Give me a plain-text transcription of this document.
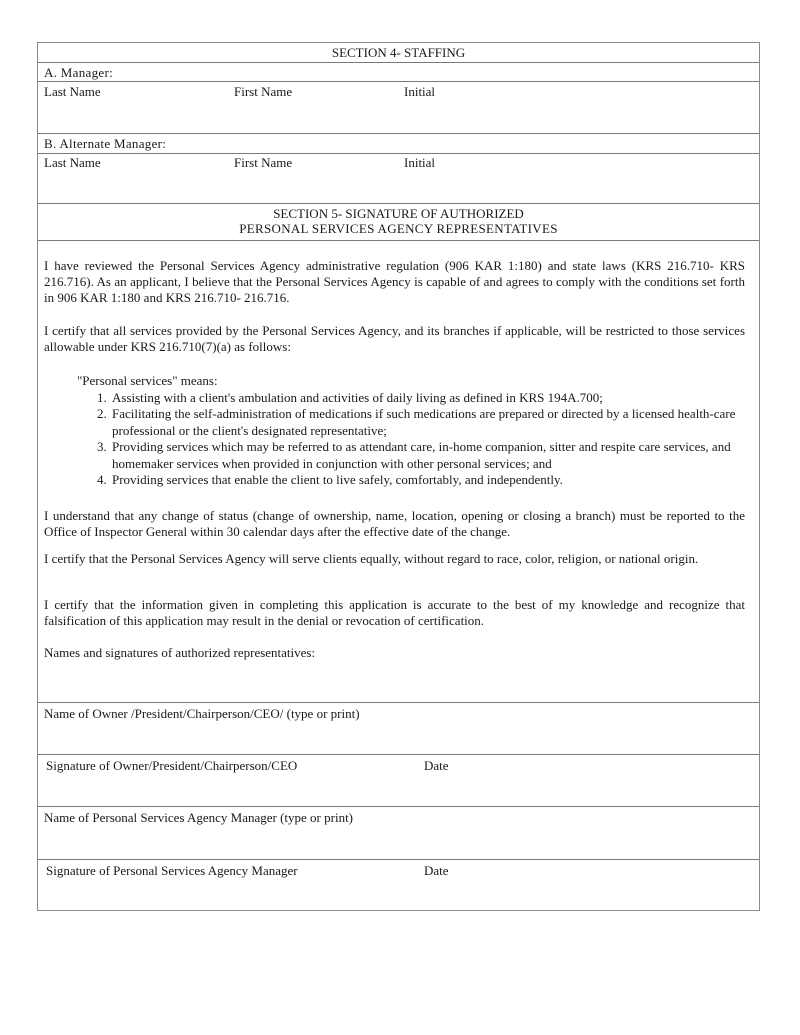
SECTION 4- STAFFING
A. Manager:
Last Name	First Name	Initial
B. Alternate Manager:
Last Name	First Name	Initial
SECTION 5- SIGNATURE OF AUTHORIZED
PERSONAL SERVICES AGENCY REPRESENTATIVES
I have reviewed the Personal Services Agency administrative regulation (906 KAR 1:180) and state laws (KRS 216.710- KRS 216.716). As an applicant, I believe that the Personal Services Agency is capable of and agrees to comply with the conditions set forth in 906 KAR 1:180 and KRS 216.710- 216.716.
I certify that all services provided by the Personal Services Agency, and its branches if applicable, will be restricted to those services allowable under KRS 216.710(7)(a) as follows:
"Personal services" means:
1. Assisting with a client's ambulation and activities of daily living as defined in KRS 194A.700;
2. Facilitating the self-administration of medications if such medications are prepared or directed by a licensed health-care professional or the client's designated representative;
3. Providing services which may be referred to as attendant care, in-home companion, sitter and respite care services, and homemaker services when provided in conjunction with other personal services; and
4. Providing services that enable the client to live safely, comfortably, and independently.
I understand that any change of status (change of ownership, name, location, opening or closing a branch) must be reported to the Office of Inspector General within 30 calendar days after the effective date of the change.
I certify that the Personal Services Agency will serve clients equally, without regard to race, color, religion, or national origin.
I certify that the information given in completing this application is accurate to the best of my knowledge and recognize that falsification of this application may result in the denial or revocation of certification.
Names and signatures of authorized representatives:
Name of Owner /President/Chairperson/CEO/ (type or print)
Signature of Owner/President/Chairperson/CEO	Date
Name of Personal Services Agency Manager (type or print)
Signature of Personal Services Agency Manager	Date
